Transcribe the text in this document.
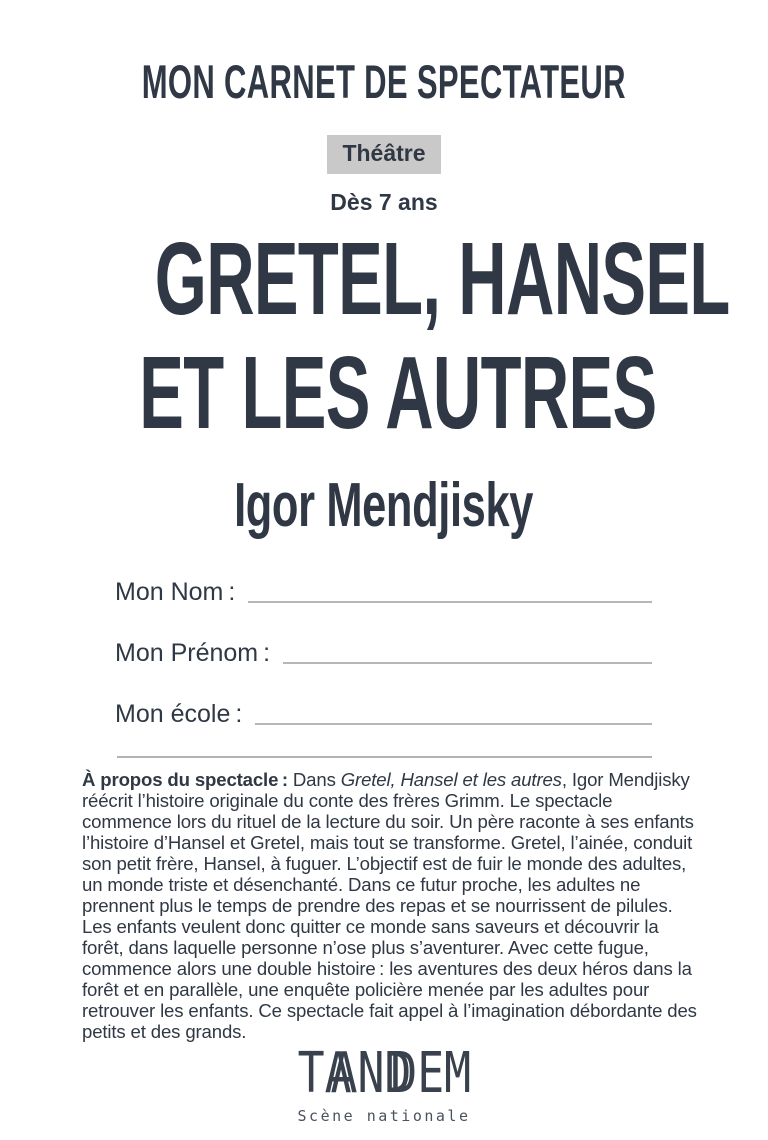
MON CARNET DE SPECTATEUR
Théâtre
Dès 7 ans
GRETEL, HANSEL
ET LES AUTRES
Igor Mendjisky
Mon Nom :
Mon Prénom :
Mon école :

À propos du spectacle : Dans Gretel, Hansel et les autres, Igor Mendjisky réécrit l’histoire originale du conte des frères Grimm. Le spectacle commence lors du rituel de la lecture du soir. Un père raconte à ses enfants l’histoire d’Hansel et Gretel, mais tout se transforme. Gretel, l’ainée, conduit son petit frère, Hansel, à fuguer. L’objectif est de fuir le monde des adultes, un monde triste et désenchanté. Dans ce futur proche, les adultes ne prennent plus le temps de prendre des repas et se nourrissent de pilules. Les enfants veulent donc quitter ce monde sans saveurs et découvrir la forêt, dans laquelle personne n’ose plus s’aventurer. Avec cette fugue, commence alors une double histoire : les aventures des deux héros dans la forêt et en parallèle, une enquête policière menée par les adultes pour retrouver les enfants. Ce spectacle fait appel à l’imagination débordante des petits et des grands.

TA ND EM
Scène nationale
